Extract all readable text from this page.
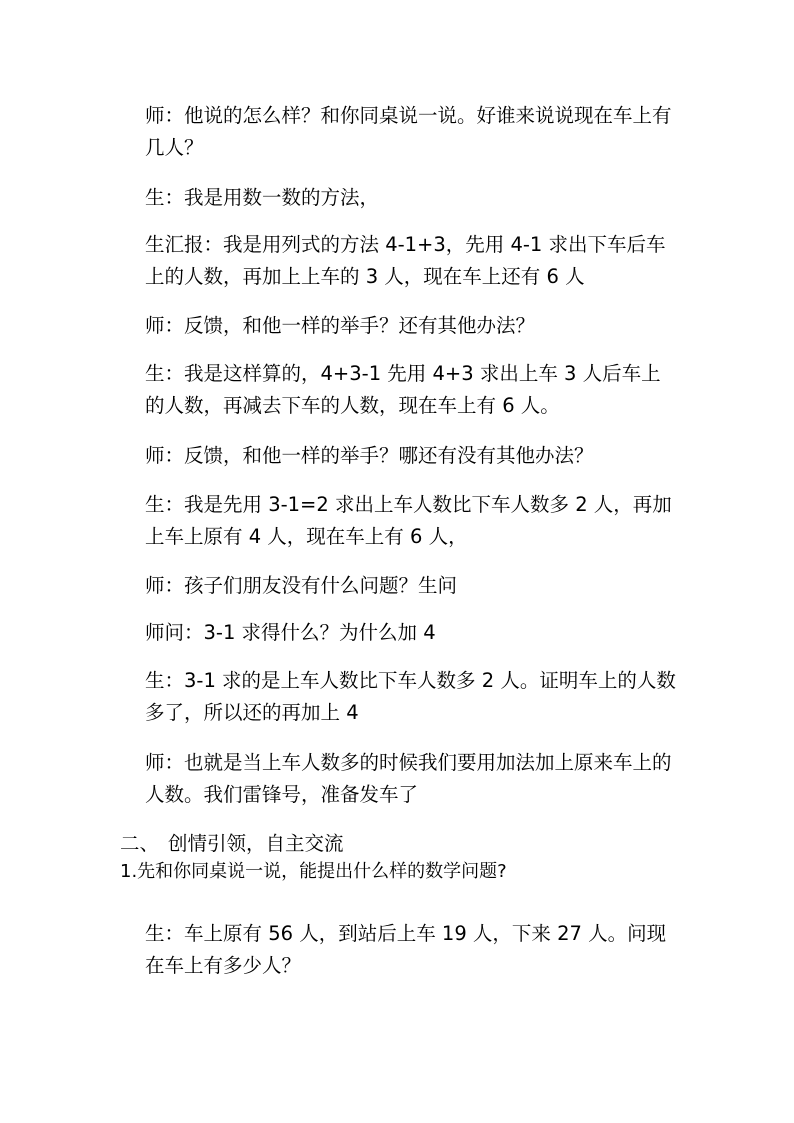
师：他说的怎么样？和你同桌说一说。好谁来说说现在车上有几人？

生：我是用数一数的方法，

生汇报：我是用列式的方法 4-1+3，先用 4-1 求出下车后车上的人数，再加上上车的 3 人，现在车上还有 6 人

师：反馈，和他一样的举手？还有其他办法？

生：我是这样算的，4+3-1 先用 4+3 求出上车 3 人后车上的人数，再减去下车的人数，现在车上有 6 人。

师：反馈，和他一样的举手？哪还有没有其他办法？

生：我是先用 3-1=2 求出上车人数比下车人数多 2 人，再加上车上原有 4 人，现在车上有 6 人，

师：孩子们朋友没有什么问题？生问

师问：3-1 求得什么？为什么加 4

生：3-1 求的是上车人数比下车人数多 2 人。证明车上的人数多了，所以还的再加上 4

师：也就是当上车人数多的时候我们要用加法加上原来车上的人数。我们雷锋号，准备发车了

二、 创情引领，自主交流

1.先和你同桌说一说，能提出什么样的数学问题?

生：车上原有 56 人，到站后上车 19 人，下来 27 人。问现在车上有多少人？
